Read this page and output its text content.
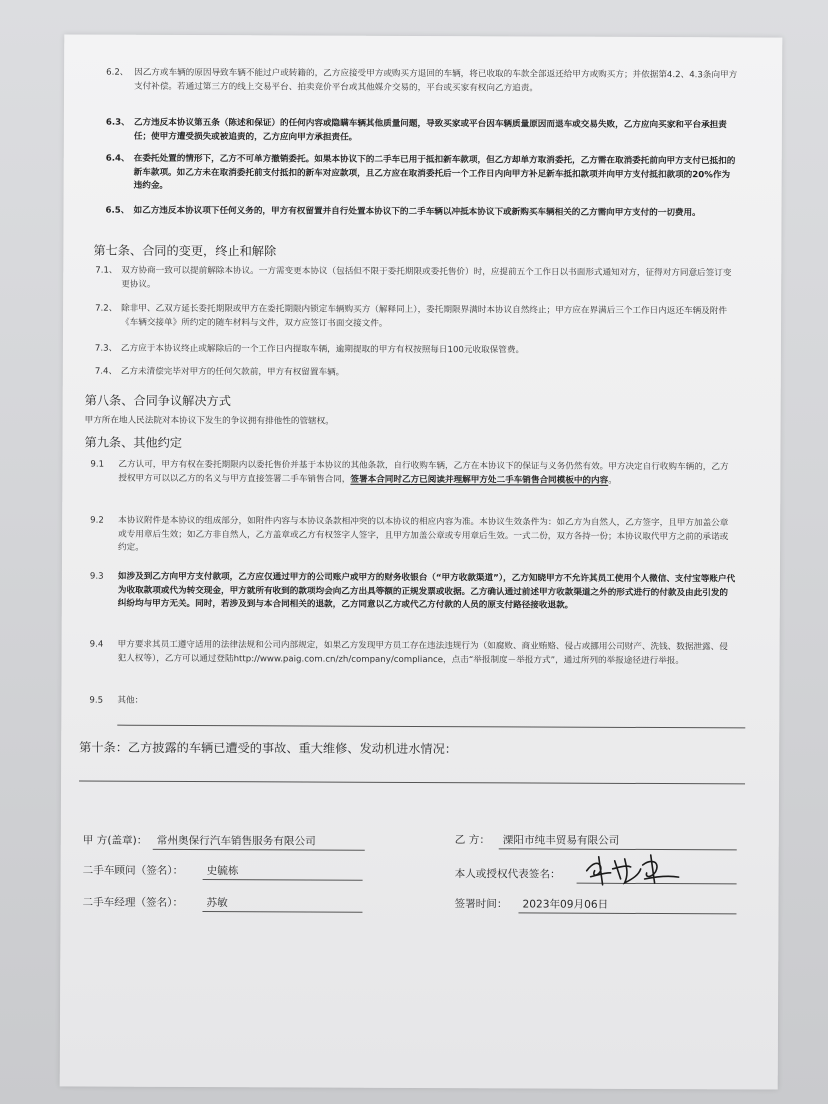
6.2、 因乙方或车辆的原因导致车辆不能过户或转籍的，乙方应接受甲方或购买方退回的车辆，将已收取的车款全部返还给甲方或购买方；并依据第4.2、4.3条向甲方支付补偿。若通过第三方的线上交易平台、拍卖竞价平台或其他媒介交易的，平台或买家有权向乙方追责。
6.3、 乙方违反本协议第五条（陈述和保证）的任何内容或隐瞒车辆其他质量问题，导致买家或平台因车辆质量原因而退车或交易失败，乙方应向买家和平台承担责任；使甲方遭受损失或被追责的，乙方应向甲方承担责任。
6.4、 在委托处置的情形下，乙方不可单方撤销委托。如果本协议下的二手车已用于抵扣新车款项，但乙方却单方取消委托，乙方需在取消委托前向甲方支付已抵扣的新车款项。如乙方未在取消委托前支付抵扣的新车对应款项，且乙方应在取消委托后一个工作日内向甲方补足新车抵扣款项并向甲方支付抵扣款项的20%作为违约金。
6.5、 如乙方违反本协议项下任何义务的，甲方有权留置并自行处置本协议下的二手车辆以冲抵本协议下或新购买车辆相关的乙方需向甲方支付的一切费用。
第七条、合同的变更，终止和解除
7.1、 双方协商一致可以提前解除本协议。一方需变更本协议（包括但不限于委托期限或委托售价）时，应提前五个工作日以书面形式通知对方，征得对方同意后签订变更协议。
7.2、 除非甲、乙双方延长委托期限或甲方在委托期限内锁定车辆购买方（解释同上），委托期限界满时本协议自然终止；甲方应在界满后三个工作日内返还车辆及附件《车辆交接单》所约定的随车材料与文件，双方应签订书面交接文件。
7.3、 乙方应于本协议终止或解除后的一个工作日内提取车辆，逾期提取的甲方有权按照每日100元收取保管费。
7.4、 乙方未清偿完毕对甲方的任何欠款前，甲方有权留置车辆。
第八条、合同争议解决方式
甲方所在地人民法院对本协议下发生的争议拥有排他性的管辖权。
第九条、其他约定
9.1 乙方认可，甲方有权在委托期限内以委托售价并基于本协议的其他条款，自行收购车辆，乙方在本协议下的保证与义务仍然有效。甲方决定自行收购车辆的，乙方授权甲方可以以乙方的名义与甲方直接签署二手车销售合同，签署本合同时乙方已阅读并理解甲方处二手车销售合同模板中的内容。
9.2 本协议附件是本协议的组成部分，如附件内容与本协议条款相冲突的以本协议的相应内容为准。本协议生效条件为：如乙方为自然人，乙方签字，且甲方加盖公章或专用章后生效；如乙方非自然人，乙方盖章或乙方有权签字人签字，且甲方加盖公章或专用章后生效。一式二份，双方各持一份；本协议取代甲方之前的承诺或约定。
9.3 如涉及到乙方向甲方支付款项，乙方应仅通过甲方的公司账户或甲方的财务收银台（“甲方收款渠道”），乙方知晓甲方不允许其员工使用个人微信、支付宝等账户代为收取款项或代为转交现金，甲方就所有收到的款项均会向乙方出具等额的正规发票或收据。乙方确认通过前述甲方收款渠道之外的形式进行的付款及由此引发的纠纷均与甲方无关。同时，若涉及到与本合同相关的退款，乙方同意以乙方或代乙方付款的人员的原支付路径接收退款。
9.4 甲方要求其员工遵守适用的法律法规和公司内部规定，如果乙方发现甲方员工存在违法违规行为（如腐败、商业贿赂、侵占或挪用公司财产、洗钱、数据泄露、侵犯人权等），乙方可以通过登陆http://www.paig.com.cn/zh/company/compliance，点击“举报制度－举报方式”，通过所列的举报途径进行举报。
9.5 其他：
第十条：乙方披露的车辆已遭受的事故、重大维修、发动机进水情况：
甲 方(盖章)： 常州奥保行汽车销售服务有限公司
二手车顾问（签名）： 史毓栋
二手车经理（签名）： 苏敏
乙 方： 溧阳市纯丰贸易有限公司
本人或授权代表签名：
签署时间： 2023年09月06日
